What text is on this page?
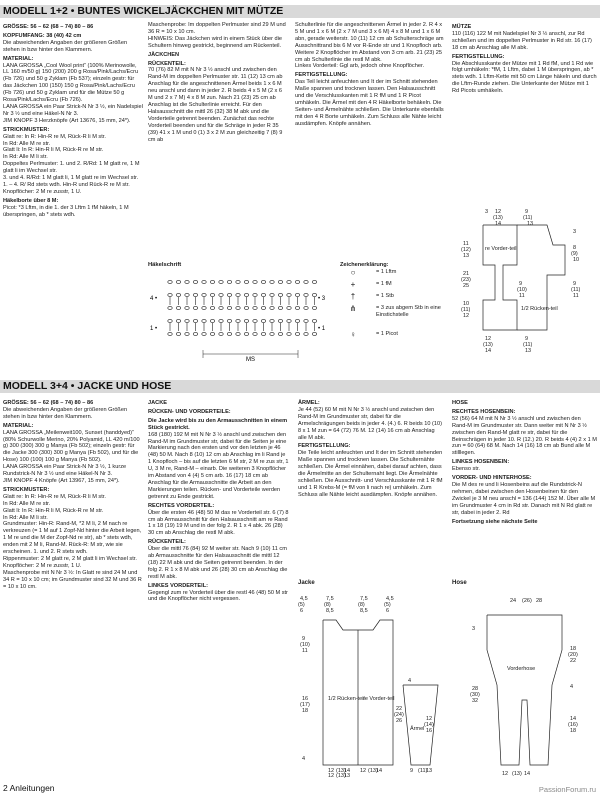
MODELL 1+2 • BUNTES WICKELJÄCKCHEN MIT MÜTZE

GRÖSSE: 56 – 62 (68 – 74) 80 – 86

KOPFUMFANG: 38 (40) 42 cm

Die abweichenden Angaben der größeren Größen stehen in bzw hinter den Klammern.

MATERIAL:

LANA GROSSA „Cool Wool print“ (100% Merinowolle, LL 160 m/50 g) 150 (200) 200 g Rosa/Pink/Lachs/Ecru (Fb 726) und 50 g Zyklam (Fb 537); einzeln gestr: für das Jäckchen 100 (150) 150 g Rosa/Pink/Lachs/Ecru (Fb 726) und 50 g Zyklam und für die Mütze 50 g Rosa/Pink/Lachs/Ecru (Fb 726).

LANA GROSSA ein Paar Strick-N Nr 3 ½, ein Nadelspiel Nr 3 ½ und eine Häkel-N Nr 3.

JIM KNOPF 3 Herzknöpfe (Art 13676, 15 mm, 24*).

STRICKMUSTER:

Glatt re: In R: Hin-R re M, Rück-R li M str.

In Rd: Alle M re str.

Glatt li: In R: Hin-R li M, Rück-R re M str.

In Rd: Alle M li str.

Doppeltes Perlmuster: 1. und 2. R/Rd: 1 M glatt re, 1 M glatt li im Wechsel str.

3. und 4. R/Rd: 1 M glatt li, 1 M glatt re im Wechsel str. 1. – 4. R/ Rd stets wdh. Hin-R und Rück-R re M str.

Knopflöcher: 2 M re zusstr, 1 U.

Häkelborte über 8 M:

Picot: *3 Lftm, in die 1. der 3 Lftm 1 fM häkeln, 1 M überspringen, ab * stets wdh.

Maschenprobe: Im doppelten Perlmuster sind 29 M und 36 R = 10 x 10 cm.

HINWEIS: Das Jäckchen wird in einem Stück über die Schultern hinweg gestrickt, beginnend am Rückenteil.

JÄCKCHEN

RÜCKENTEIL:

70 (76) 82 M mit N Nr 3 ½ anschl und zwischen den Rand-M im doppelten Perlmuster str. 11 (12) 13 cm ab Anschlag für die angeschnittenen Ärmel beids 1 x 6 M neu anschl und dann in jeder 2. R beids 4 x 5 M (2 x 6 M und 2 x 7 M) 4 x 8 M zun. Nach 21 (23) 25 cm ab Anschlag ist die Schulterlinie erreicht. Für den Halsausschnitt die mittl 26 (32) 38 M abk und die Vorderteile getrennt beenden. Zunächst das rechte Vorderteil beenden und für die Schräge in jeder R 35 (39) 41 x 1 M und 0 (1) 3 x 2 M zun gleichzeitig 7 (8) 9 cm ab

Schulterlinie für die angeschnittenen Ärmel in jeder 2. R 4 x 5 M und 1 x 6 M (2 x 7 M und 3 x 6 M) 4 x 8 M und 1 x 6 M abn, gerade weiterstr. 10 (11) 12 cm ab Schulterschräge am Ausschnittrand bis 6 M vor R-Ende str und 1 Knopfloch arb. Weitere 2 Knopflöcher im Abstand von 3 cm arb. 21 (23) 25 cm ab Schulterlinie die restl M abk.

Linkes Vorderteil: Ggl arb, jedoch ohne Knopflöcher.

FERTIGSTELLUNG:

Das Teil leicht anfeuchten und It der im Schnitt stehenden Maße spannen und trocknen lassen. Den Halsausschnitt und die Verschlusskanten mit 1 R fM und 1 R Picot umhäkeln. Die Ärmel mit den 4 R Häkelborte behäkeln. Die Seiten- und Ärmelnähte schließen. Die Unterkante ebenfalls mit den 4 R Borte umhäkeln. Zum Schluss alle Nähte leicht ausdämpfen. Knöpfe annähen.

MÜTZE

110 (116) 122 M mit Nadelspiel Nr 3 ½ anschl, zur Rd schließen und im doppelten Perlmuster in Rd str. 16 (17) 18 cm ab Anschlag alle M abk.

FERTIGSTELLUNG:

Die Abschlusskante der Mütze mit 1 Rd fM, und 1 Rd wie folgt umhäkeln: *fM, 1 Lftm, dabei 1 M überspringen, ab * stets wdh. 1 Lftm-Kette mit 50 cm Länge häkeln und durch die Lftm-Runde ziehen. Die Unterkante der Mütze mit 1 Rd Picots umhäkeln.

Häkelschrift
4 •
1 •
• 3
• 1
MS
Zeichenerklärung:
○	= 1 Lftm
+	= 1 fM
†	= 1 Stb
⋔	= 3 zus abgem Stb in eine Einstichstelle
♀	= 1 Picot
3 12
(13)
14
9
(11)
13
11
(12)
13
21
(23)
25
10
(11)
12
3
8
(9)
10
9
(11)
11
9
(10)
11
12
(13)
14
9
(11)
13
re Vorder-teil
1/2 Rücken-teil
MODELL 3+4 • JACKE UND HOSE

GRÖSSE: 56 – 62 (68 – 74) 80 – 86

Die abweichenden Angaben der größeren Größen stehen in bzw hinter den Klammern.

MATERIAL:

LANA GROSSA „Meilenweit100, Sunset (handdyed)“ (80% Schurwolle Merino, 20% Polyamid, LL 420 m/100 g) 300 (300) 300 g Manya (Fb 502); einzeln gestr: für die Jacke 300 (300) 300 g Manya (Fb 502), und für die Hose) 100 (100) 100 g Manya (Fb 502).

LANA GROSSA ein Paar Strick-N Nr 3 ½, 1 kurze Rundstrick-N Nr 3 ½ und eine Häkel-N Nr 3.

JIM KNOPF 4 Knöpfe (Art 13967, 15 mm, 24*).

STRICKMUSTER:

Glatt re: In R: Hin-R re M, Rück-R li M str.

In Rd: Alle M re str.

Glatt li: In R: Hin-R li M, Rück-R re M str.

In Rd: Alle M li str.

Grundmuster: Hin-R: Rand-M, *2 M li, 2 M nach re verkreuzen (= 1 M auf 1 Zopf-Nd hinter die Arbeit legen, 1 M re und die M der Zopf-Nd re str), ab * stets wdh, enden mit 2 M li, Rand-M. Rück-R: M str, wie sie erscheinen. 1. und 2. R stets wdh.

Rippenmuster: 2 M glatt re, 2 M glatt li im Wechsel str.

Knopflöcher: 2 M re zusstr, 1 U.

Maschenprobe mit N Nr 3 ½: In Glatt re sind 24 M und 34 R = 10 x 10 cm; im Grundmuster sind 32 M und 36 R = 10 x 10 cm.

JACKE

RÜCKEN- UND VORDERTEILE:

Die Jacke wird bis zu den Armausschnitten in einem Stück gestrickt.

168 (180) 192 M mit N Nr 3 ½ anschl und zwischen den Rand-M im Grundmuster str, dabei für die Seiten je eine Markierung nach den ersten und vor den letzten je 46 (48) 50 M. Nach 8 (10) 12 cm ab Anschlag im li Rand je 1 Knopfloch – bis auf die letzten 6 M str, 2 M re zus str, 1 U, 3 M re, Rand-M – einarb. Die weiteren 3 Knopflöcher im Abstand von 4 (4) 5 cm arb. 16 (17) 18 cm ab Anschlag für die Armausschnitte die Arbeit an den Markierungen teilen. Rücken- und Vorderteile werden getrennt zu Ende gestrickt.

RECHTES VORDERTEIL:

Über die ersten 46 (48) 50 M das re Vorderteil str. 6 (7) 8 cm ab Armausschnitt für den Halsausschnitt am re Rand 1 x 18 (19) 19 M und in der folg 2. R 1 x 4 abk. 26 (28) 30 cm ab Anschlag die restl M abk.

RÜCKENTEIL:

Über die mittl 76 (84) 92 M weiter str. Nach 9 (10) 11 cm ab Armausschnitte für den Halsausschnitt die mittl 12 (18) 22 M abk und die Seiten getrennt beenden. In der folg 2. R 1 x 8 M abk und 26 (28) 30 cm ab Anschlag die restl M abk.

LINKES VORDERTEIL:

Gegengl zum re Vorderteil über die restl 46 (48) 50 M str und die Knopflöcher nicht vergessen.

ÄRMEL:

Je 44 (52) 60 M mit N Nr 3 ½ anschl und zwischen den Rand-M im Grundmuster str, dabei für die Armelschrägungen beids in jeder 4. (4.) 6. R beids 10 (10) 8 x 1 M zun = 64 (72) 76 M. 12 (14) 16 cm ab Anschlag alle M abk.

FERTIGSTELLUNG:

Die Teile leicht anfeuchten und It der im Schnitt stehenden Maße spannen und trocknen lassen. Die Schulternähte schließen. Die Ärmel einnähen, dabei darauf achten, dass die Ärmelmitte an der Schulternaht liegt. Die Ärmelnähte schließen. Die Ausschnitt- und Verschlusskante mit 1 R fM und 1 R Krebs-M (= fM von li nach re) umhäkeln. Zum Schluss alle Nähte leicht ausdämpfen. Knöpfe annähen.

HOSE

RECHTES HOSENBEIN:

52 (56) 64 M mit N Nr 3 ½ anschl und zwischen den Rand-M im Grundmuster str. Dann weiter mit N Nr 3 ½ zwischen den Rand-M glatt re str, dabei für die Beinschrägen in jeder 10. R (12.) 20. R beids 4 (4) 2 x 1 M zun = 60 (64) 68 M. Nach 14 (16) 18 cm ab Bund alle M stilllegen.

LINKES HOSENBEIN:

Ebenso str.

VORDER- UND HINTERHOSE:

Die M des re und li Hosenbeins auf die Rundstrick-N nehmen, dabei zwischen den Hosenbeinen für den Zwickel je 3 M neu anschl = 136 (144) 152 M. Über alle M im Grundmuster 4 cm in Rd str. Danach mit N Rd glatt re str, dabei in jeder 2. Rd

Fortsetzung siehe nächste Seite

Jacke
4,5
(5)
6
7,5
(8)
8,5
7,5
(8)
8,5
4,5
(5)
6
9
(10)
11
16
(17)
18
4
22
(24)
26	12
(14)
16
4
12 (13)
13
12 (13)
14 12 (13)
14	9 (11)
13
1/2 Rücken-teil
re Vorder-teil
Ärmel
Hose
24 (26) 28
3
28
(30)
32
18
(20)
22
4
14
(16)
18
12 (13) 14
Vorderhose
2 Anleitungen	PassionForum.ru
